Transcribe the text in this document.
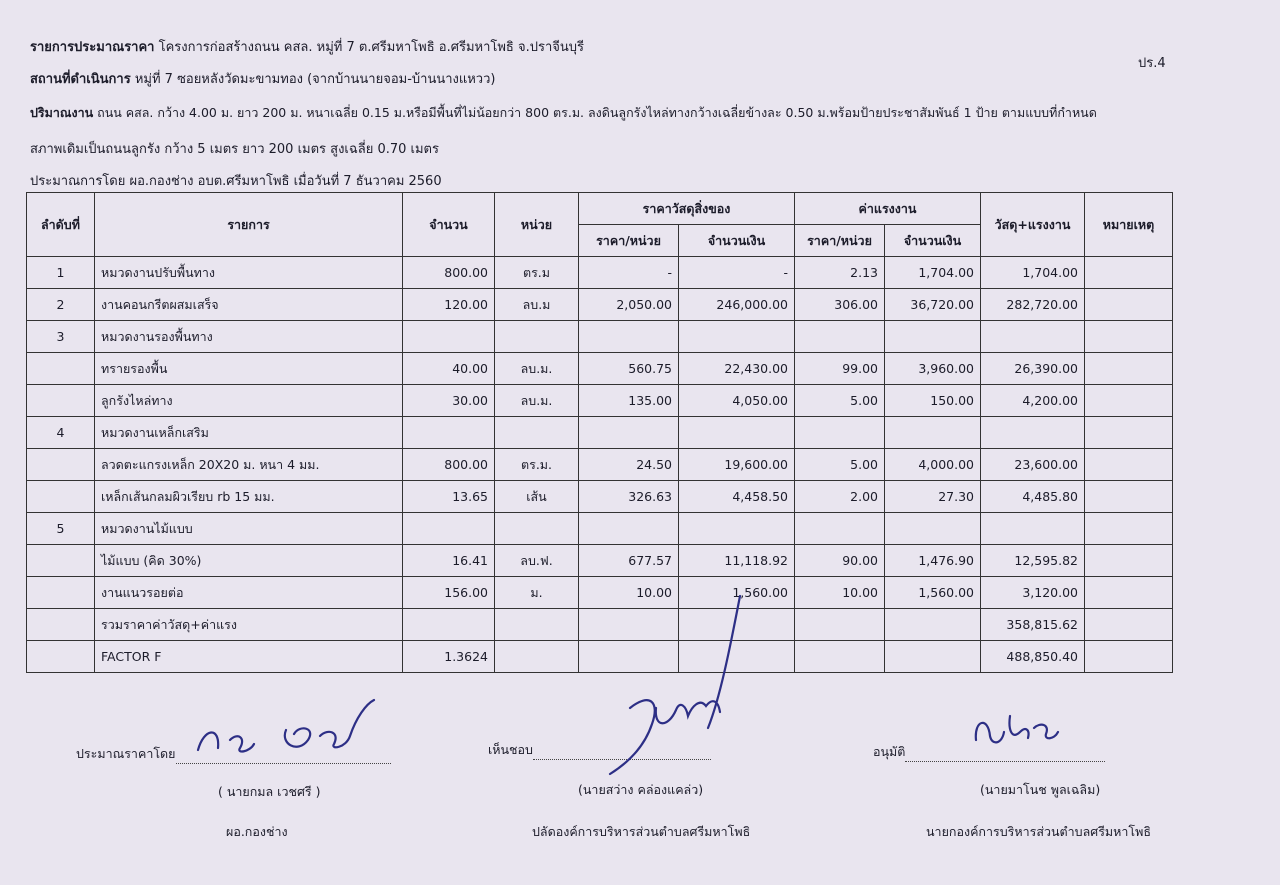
รายการประมาณราคา โครงการก่อสร้างถนน คสล. หมู่ที่ 7 ต.ศรีมหาโพธิ อ.ศรีมหาโพธิ จ.ปราจีนบุรี
สถานที่ดำเนินการ หมู่ที่ 7 ซอยหลังวัดมะขามทอง (จากบ้านนายจอม-บ้านนางแหวว)
ปริมาณงาน ถนน คสล. กว้าง 4.00 ม. ยาว 200 ม. หนาเฉลี่ย 0.15 ม.หรือมีพื้นที่ไม่น้อยกว่า 800 ตร.ม. ลงดินลูกรังไหล่ทางกว้างเฉลี่ยข้างละ 0.50 ม.พร้อมป้ายประชาสัมพันธ์ 1 ป้าย ตามแบบที่กำหนด
สภาพเดิมเป็นถนนลูกรัง กว้าง 5 เมตร ยาว 200 เมตร สูงเฉลี่ย 0.70 เมตร
ประมาณการโดย ผอ.กองช่าง อบต.ศรีมหาโพธิ เมื่อวันที่ 7 ธันวาคม 2560
ปร.4
ลำดับที่	รายการ	จำนวน	หน่วย	ราคาวัสดุสิ่งของ		ค่าแรงงาน		วัสดุ+แรงงาน	หมายเหตุ
				ราคา/หน่วย	จำนวนเงิน	ราคา/หน่วย	จำนวนเงิน		
1	หมวดงานปรับพื้นทาง	800.00	ตร.ม	-	-	2.13	1,704.00	1,704.00	
2	งานคอนกรีตผสมเสร็จ	120.00	ลบ.ม	2,050.00	246,000.00	306.00	36,720.00	282,720.00	
3	หมวดงานรองพื้นทาง								
	ทรายรองพื้น	40.00	ลบ.ม.	560.75	22,430.00	99.00	3,960.00	26,390.00	
	ลูกรังไหล่ทาง	30.00	ลบ.ม.	135.00	4,050.00	5.00	150.00	4,200.00	
4	หมวดงานเหล็กเสริม								
	ลวดตะแกรงเหล็ก 20X20 ม. หนา 4 มม.	800.00	ตร.ม.	24.50	19,600.00	5.00	4,000.00	23,600.00	
	เหล็กเส้นกลมผิวเรียบ rb 15 มม.	13.65	เส้น	326.63	4,458.50	2.00	27.30	4,485.80	
5	หมวดงานไม้แบบ								
	ไม้แบบ (คิด 30%)	16.41	ลบ.ฟ.	677.57	11,118.92	90.00	1,476.90	12,595.82	
	งานแนวรอยต่อ	156.00	ม.	10.00	1,560.00	10.00	1,560.00	3,120.00	
	รวมราคาค่าวัสดุ+ค่าแรง							358,815.62	
	FACTOR F	1.3624						488,850.40	
ประมาณราคาโดย
( นายกมล เวชศรี )
ผอ.กองช่าง
เห็นชอบ
(นายสว่าง คล่องแคล่ว)
ปลัดองค์การบริหารส่วนตำบลศรีมหาโพธิ
อนุมัติ
(นายมาโนช พูลเฉลิม)
นายกองค์การบริหารส่วนตำบลศรีมหาโพธิ
